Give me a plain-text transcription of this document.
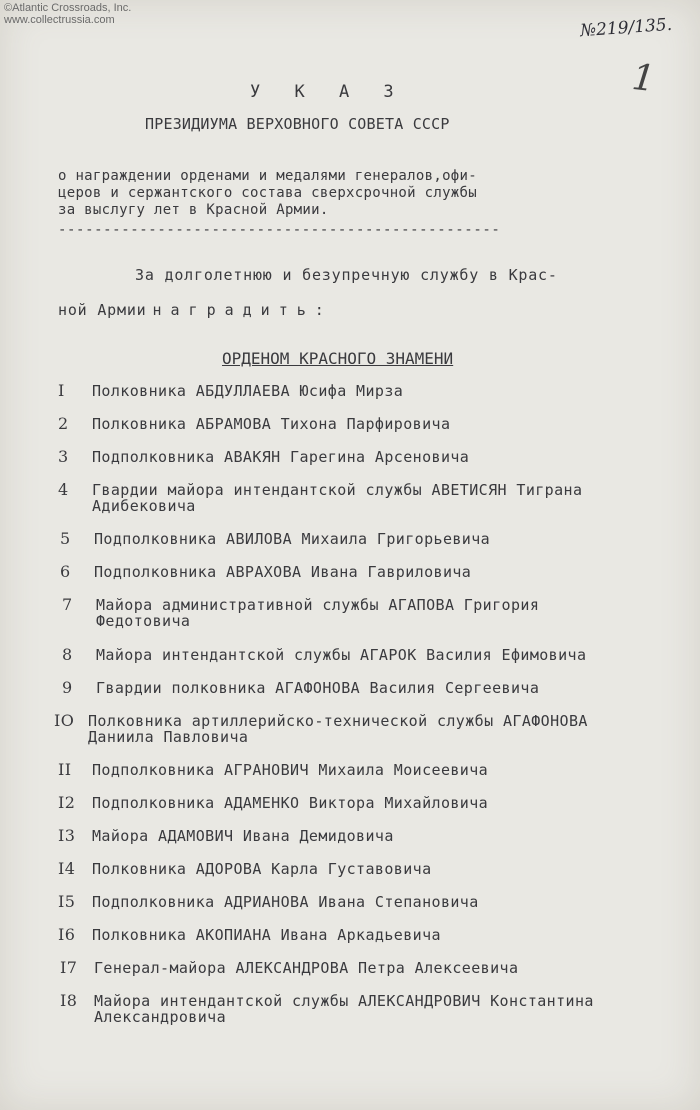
©Atlantic Crossroads, Inc.
www.collectrussia.com	№219/135.
1
У К А З
ПРЕЗИДИУМА ВЕРХОВНОГО СОВЕТА СССР
о награждении орденами и медалями генералов,офи-
церов и сержантского состава сверхсрочной службы
за выслугу лет в Красной Армии.
-------------------------------------------------
За долголетнюю и безупречную службу в Крас-
ной Армии наградить:
ОРДЕНОМ КРАСНОГО ЗНАМЕНИ
I	Полковника АБДУЛЛАЕВА Юсифа Мирза
2	Полковника АБРАМОВА Тихона Парфировича
3	Подполковника АВАКЯН Гарегина Арсеновича
4	Гвардии майора интендантской службы АВЕТИСЯН Тиграна
Адибековича
5	Подполковника АВИЛОВА Михаила Григорьевича
6	Подполковника АВРАХОВА Ивана Гавриловича
7	Майора административной службы АГАПОВА Григория
Федотовича
8	Майора интендантской службы АГАРОК Василия Ефимовича
9	Гвардии полковника АГАФОНОВА Василия Сергеевича
IO Полковника артиллерийско-технической службы АГАФОНОВА
Даниила Павловича
II	Подполковника АГРАНОВИЧ Михаила Моисеевича
I2	Подполковника АДАМЕНКО Виктора Михайловича
I3	Майора АДАМОВИЧ Ивана Демидовича
I4	Полковника АДОРОВА Карла Густавовича
I5	Подполковника АДРИАНОВА Ивана Степановича
I6	Полковника АКОПИАНА Ивана Аркадьевича
I7	Генерал-майора АЛЕКСАНДРОВА Петра Алексеевича
I8	Майора интендантской службы АЛЕКСАНДРОВИЧ Константина
Александровича
